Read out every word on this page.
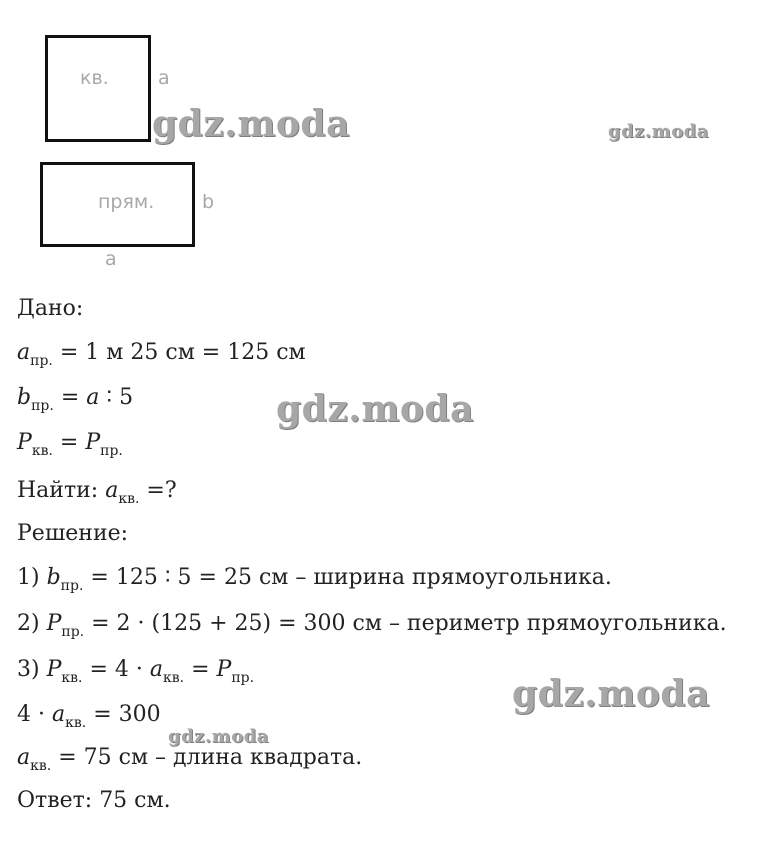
кв.	a
прям.	b
a
Дано:
$a_{пр.} = 1$ м 25 см = 125 см
$b_{пр.} = a$ ∶ 5
$P_{кв.} = P_{пр.}$
Найти: $a_{кв.}$ =?
Решение:
1) $b_{пр.} = 125$ ∶ 5 = 25 см – ширина прямоугольника.
2) $P_{пр.} = 2 \cdot (125 + 25) = 300$ см – периметр прямоугольника.
3) $P_{кв.} = 4 \cdot a_{кв.} = P_{пр.}$
$4 \cdot a_{кв.} = 300$
$a_{кв.} = 75$ см – длина квадрата.
Ответ: 75 см.
gdz.moda	gdz.moda
gdz.moda
gdz.moda
gdz.moda
